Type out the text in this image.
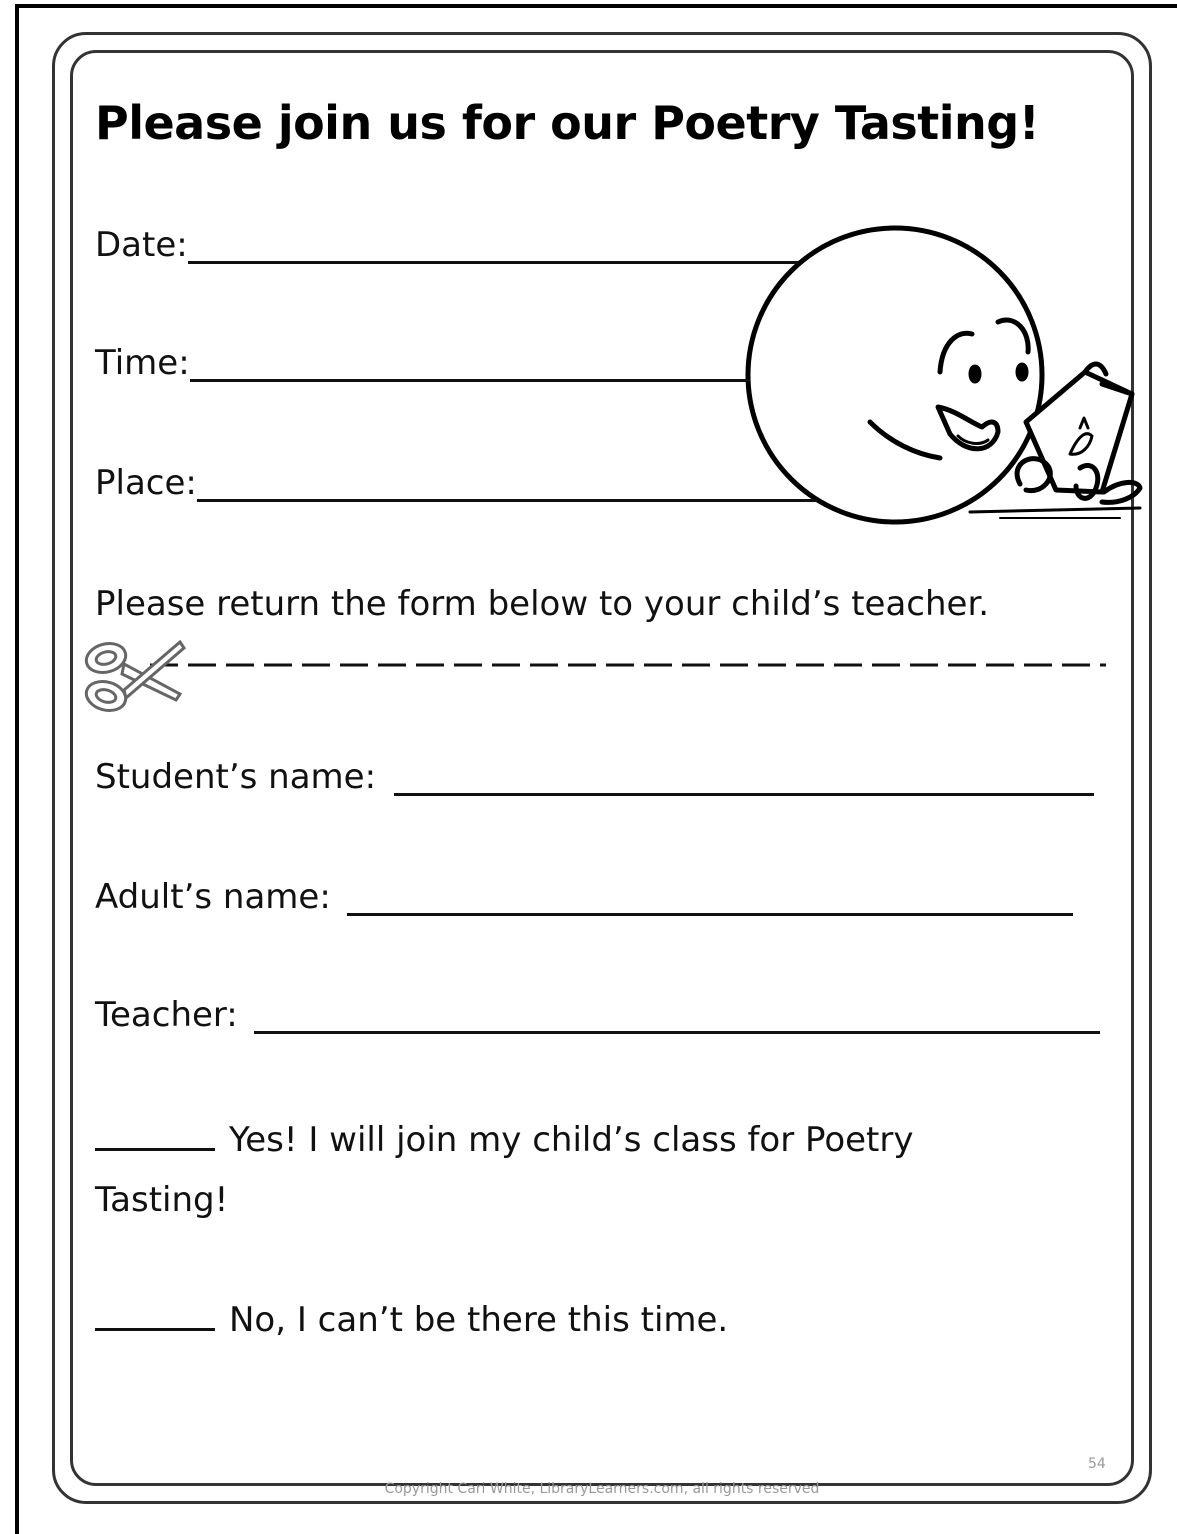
Please join us for our Poetry Tasting!
Date:
Time:
Place:
Please return the form below to your child’s teacher.
Student’s name:
Adult’s name:
Teacher:
Yes! I will join my child’s class for Poetry Tasting!
No, I can’t be there this time.
54
Copyright Cari White, LibraryLearners.com, all rights reserved
